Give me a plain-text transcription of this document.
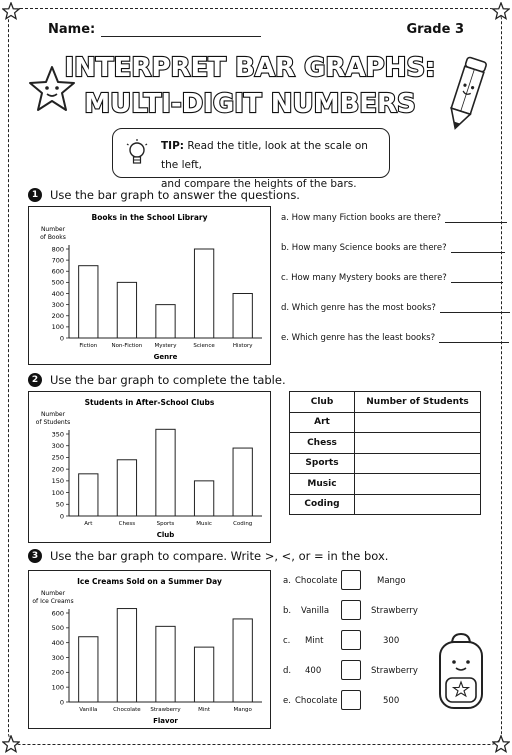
Name:	Grade 3
INTERPRET BAR GRAPHS:
MULTI-DIGIT NUMBERS
TIP: Read the title, look at the scale on the left,
and compare the heights of the bars.
1	Use the bar graph to answer the questions.
Books in the School Library
Number of Books
0
100
200
300
400
500
600
700
800
Fiction	Non-Fiction Mystery	Science	History
Genre
a. How many Fiction books are there?
b. How many Science books are there?
c. How many Mystery books are there?
d. Which genre has the most books?
e. Which genre has the least books?
2	Use the bar graph to complete the table.
Students in After-School Clubs
Number of Students
0
50
100
150
200
250
300
350
Art	Chess	Sports	Music	Coding
Club
Club	Number of Students
Art	
Chess	
Sports	
Music	
Coding	
3	Use the bar graph to compare. Write >, <, or = in the box.
Ice Creams Sold on a Summer Day
Number of Ice Creams
0
100
200
300
400
500
600
Vanilla	Chocolate Strawberry	Mint	Mango
Flavor
a. Chocolate	Mango
b. Vanilla	Strawberry
c. Mint	300
d. 400	Strawberry
e. Chocolate	500
